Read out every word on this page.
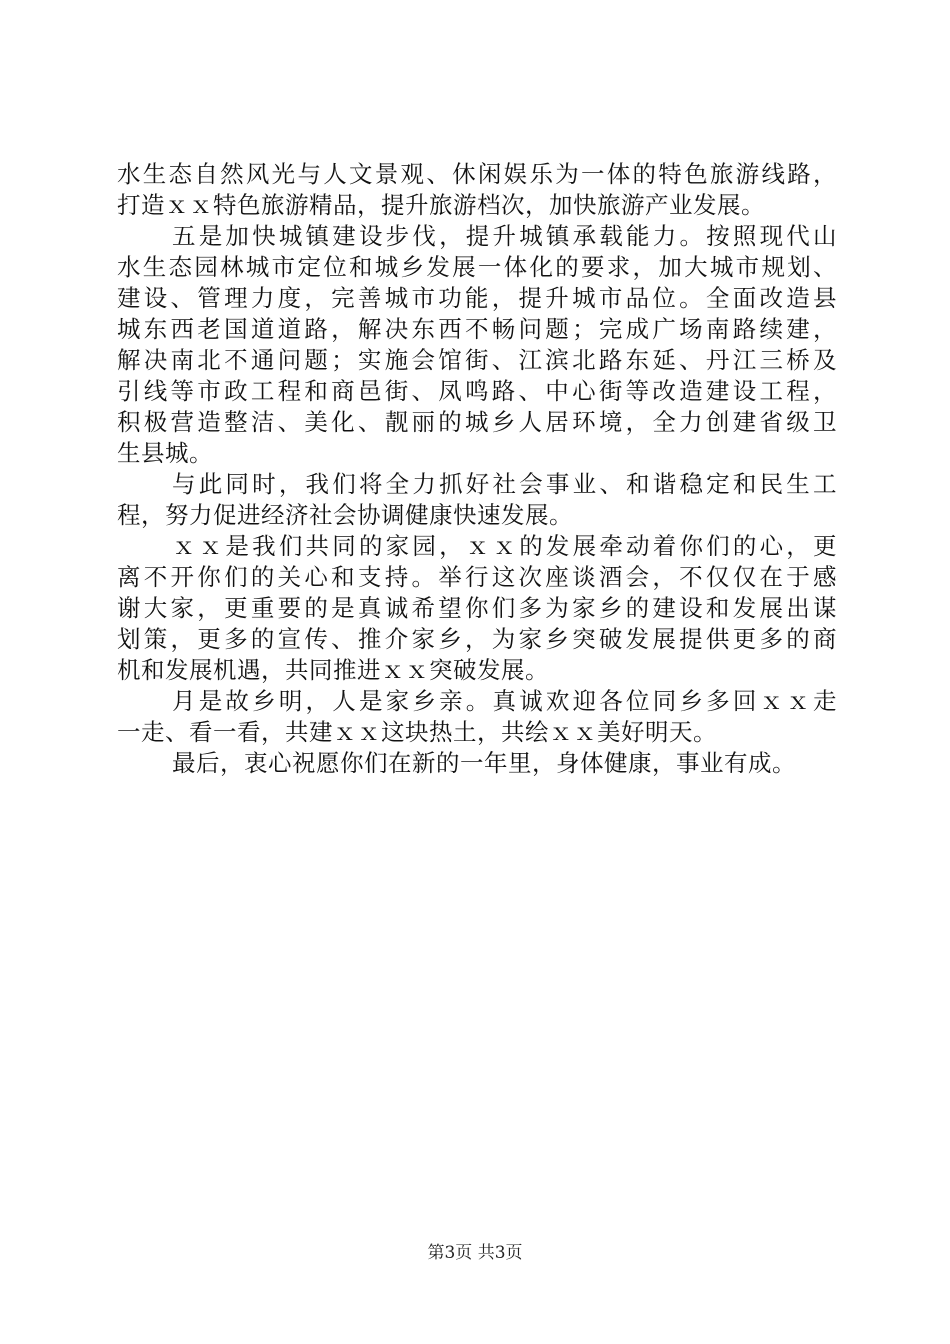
水生态自然风光与人文景观、休闲娱乐为一体的特色旅游线路，
打造ｘｘ特色旅游精品，提升旅游档次，加快旅游产业发展。
五是加快城镇建设步伐，提升城镇承载能力。按照现代山
水生态园林城市定位和城乡发展一体化的要求，加大城市规划、
建设、管理力度，完善城市功能，提升城市品位。全面改造县
城东西老国道道路，解决东西不畅问题；完成广场南路续建，
解决南北不通问题；实施会馆街、江滨北路东延、丹江三桥及
引线等市政工程和商邑街、凤鸣路、中心街等改造建设工程，
积极营造整洁、美化、靓丽的城乡人居环境，全力创建省级卫
生县城。
与此同时，我们将全力抓好社会事业、和谐稳定和民生工
程，努力促进经济社会协调健康快速发展。
ｘｘ是我们共同的家园，ｘｘ的发展牵动着你们的心，更
离不开你们的关心和支持。举行这次座谈酒会，不仅仅在于感
谢大家，更重要的是真诚希望你们多为家乡的建设和发展出谋
划策，更多的宣传、推介家乡，为家乡突破发展提供更多的商
机和发展机遇，共同推进ｘｘ突破发展。
月是故乡明，人是家乡亲。真诚欢迎各位同乡多回ｘｘ走
一走、看一看，共建ｘｘ这块热土，共绘ｘｘ美好明天。
最后，衷心祝愿你们在新的一年里，身体健康，事业有成。
第3页 共3页
